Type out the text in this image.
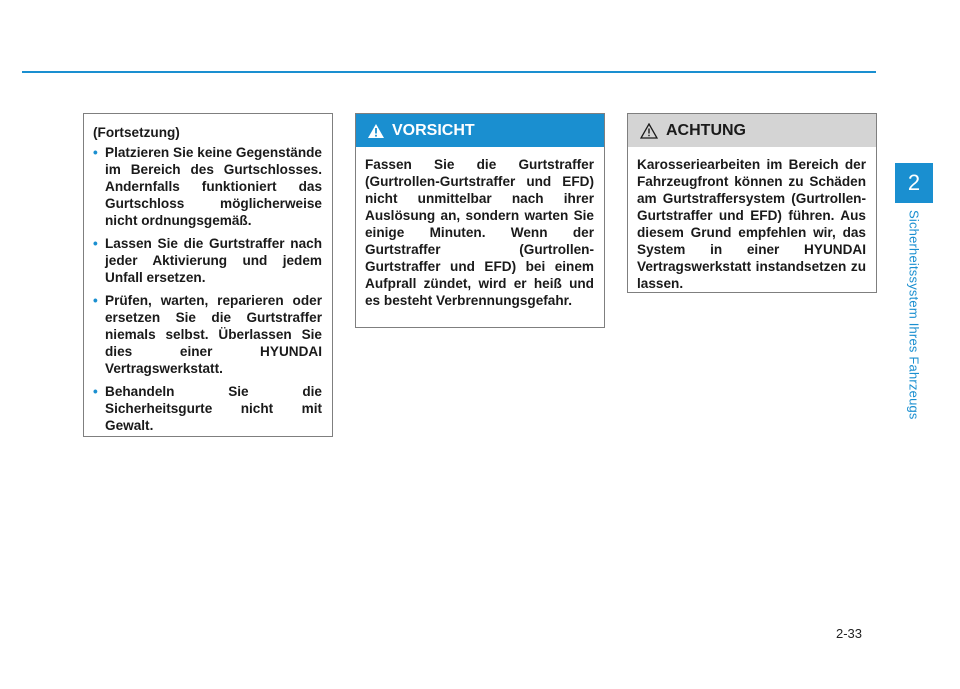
2
Sicherheitssystem Ihres Fahrzeugs
(Fortsetzung)
• Platzieren Sie keine Gegenstände im Bereich des Gurtschlosses. Andernfalls funktioniert das Gurtschloss möglicherweise nicht ordnungsgemäß.
• Lassen Sie die Gurtstraffer nach jeder Aktivierung und jedem Unfall ersetzen.
• Prüfen, warten, reparieren oder ersetzen Sie die Gurtstraffer niemals selbst. Überlassen Sie dies einer HYUNDAI Vertragswerkstatt.
• Behandeln Sie die Sicherheitsgurte nicht mit Gewalt.
VORSICHT
Fassen Sie die Gurtstraffer (Gurtrollen-Gurtstraffer und EFD) nicht unmittelbar nach ihrer Auslösung an, sondern warten Sie einige Minuten. Wenn der Gurtstraffer (Gurtrollen-Gurtstraffer und EFD) bei einem Aufprall zündet, wird er heiß und es besteht Verbrennungsgefahr.
ACHTUNG
Karosseriearbeiten im Bereich der Fahrzeugfront können zu Schäden am Gurtstraffersystem (Gurtrollen-Gurtstraffer und EFD) führen. Aus diesem Grund empfehlen wir, das System in einer HYUNDAI Vertragswerkstatt instandsetzen zu lassen.
2-33
